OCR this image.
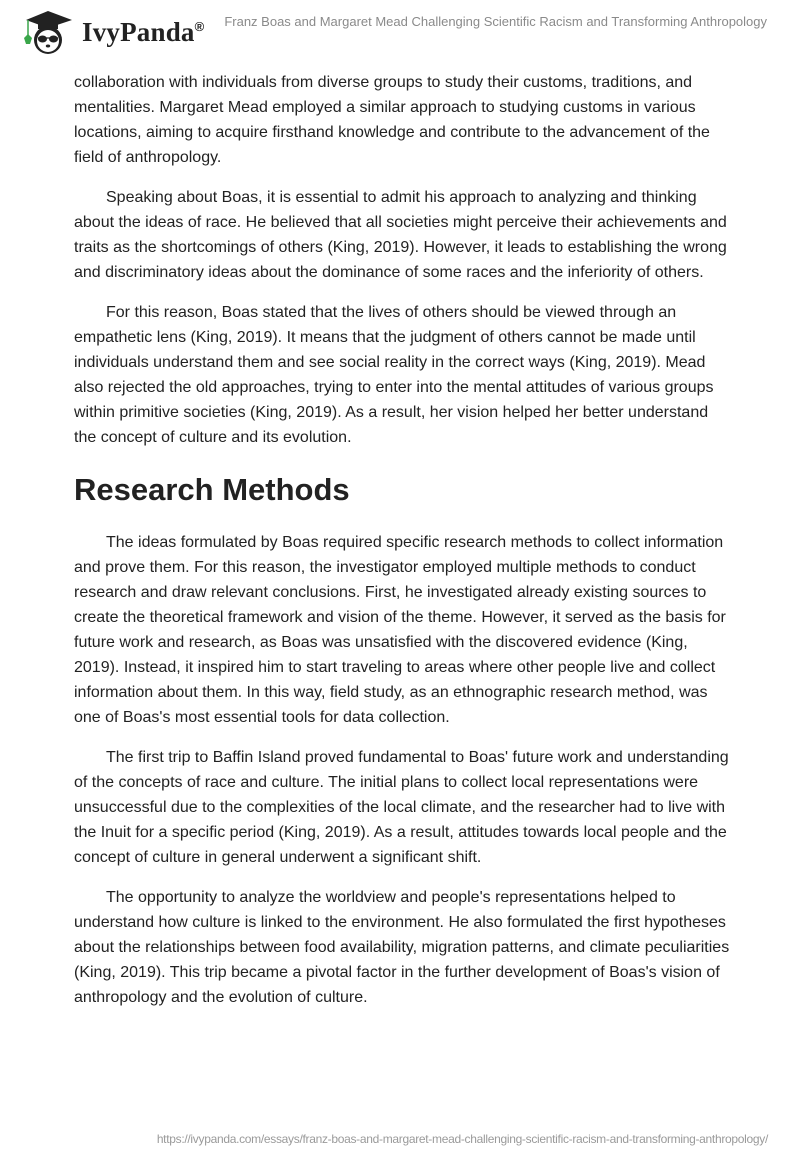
IvyPanda® Franz Boas and Margaret Mead Challenging Scientific Racism and Transforming Anthropology

collaboration with individuals from diverse groups to study their customs, traditions, and mentalities. Margaret Mead employed a similar approach to studying customs in various locations, aiming to acquire firsthand knowledge and contribute to the advancement of the field of anthropology.

Speaking about Boas, it is essential to admit his approach to analyzing and thinking about the ideas of race. He believed that all societies might perceive their achievements and traits as the shortcomings of others (King, 2019). However, it leads to establishing the wrong and discriminatory ideas about the dominance of some races and the inferiority of others.

For this reason, Boas stated that the lives of others should be viewed through an empathetic lens (King, 2019). It means that the judgment of others cannot be made until individuals understand them and see social reality in the correct ways (King, 2019). Mead also rejected the old approaches, trying to enter into the mental attitudes of various groups within primitive societies (King, 2019). As a result, her vision helped her better understand the concept of culture and its evolution.

Research Methods

The ideas formulated by Boas required specific research methods to collect information and prove them. For this reason, the investigator employed multiple methods to conduct research and draw relevant conclusions. First, he investigated already existing sources to create the theoretical framework and vision of the theme. However, it served as the basis for future work and research, as Boas was unsatisfied with the discovered evidence (King, 2019). Instead, it inspired him to start traveling to areas where other people live and collect information about them. In this way, field study, as an ethnographic research method, was one of Boas's most essential tools for data collection.

The first trip to Baffin Island proved fundamental to Boas' future work and understanding of the concepts of race and culture. The initial plans to collect local representations were unsuccessful due to the complexities of the local climate, and the researcher had to live with the Inuit for a specific period (King, 2019). As a result, attitudes towards local people and the concept of culture in general underwent a significant shift.

The opportunity to analyze the worldview and people's representations helped to understand how culture is linked to the environment. He also formulated the first hypotheses about the relationships between food availability, migration patterns, and climate peculiarities (King, 2019). This trip became a pivotal factor in the further development of Boas's vision of anthropology and the evolution of culture.

https://ivypanda.com/essays/franz-boas-and-margaret-mead-challenging-scientific-racism-and-transforming-anthropology/
